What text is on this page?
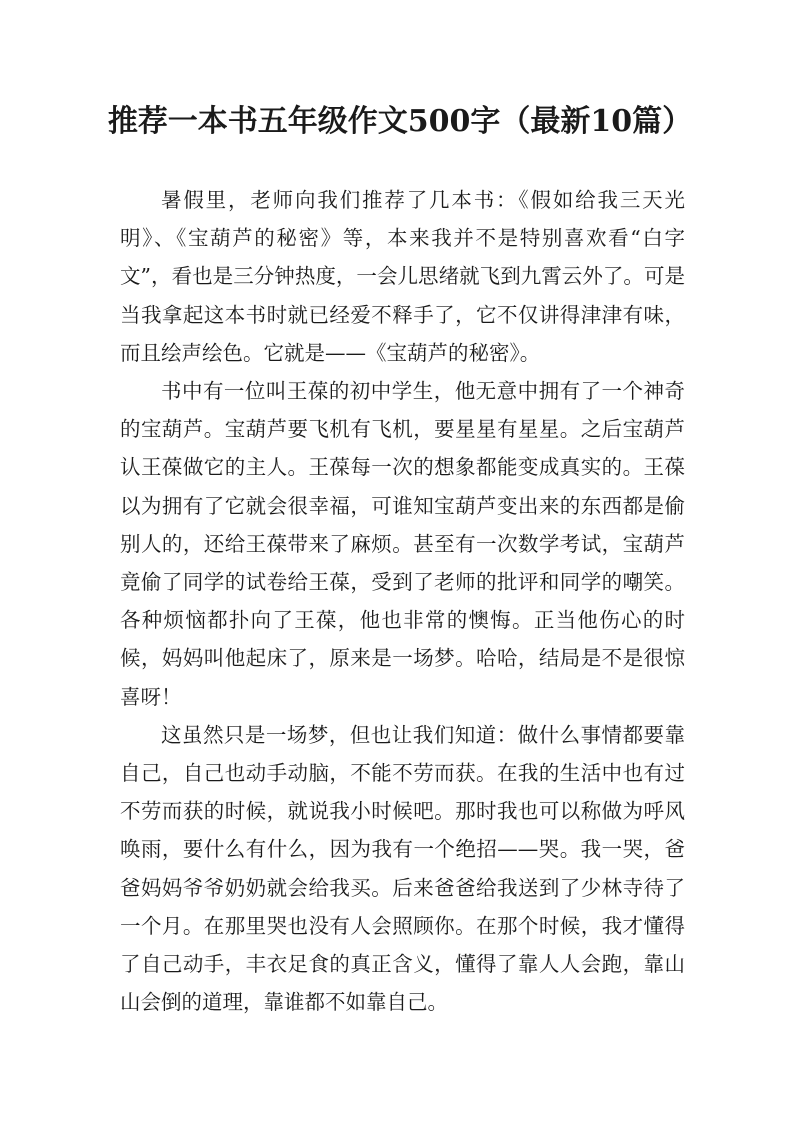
推荐一本书五年级作文500字（最新10篇）

暑假里，老师向我们推荐了几本书：《假如给我三天光明》、《宝葫芦的秘密》等，本来我并不是特别喜欢看“白字文”，看也是三分钟热度，一会儿思绪就飞到九霄云外了。可是当我拿起这本书时就已经爱不释手了，它不仅讲得津津有味，而且绘声绘色。它就是——《宝葫芦的秘密》。

书中有一位叫王葆的初中学生，他无意中拥有了一个神奇的宝葫芦。宝葫芦要飞机有飞机，要星星有星星。之后宝葫芦认王葆做它的主人。王葆每一次的想象都能变成真实的。王葆以为拥有了它就会很幸福，可谁知宝葫芦变出来的东西都是偷别人的，还给王葆带来了麻烦。甚至有一次数学考试，宝葫芦竟偷了同学的试卷给王葆，受到了老师的批评和同学的嘲笑。各种烦恼都扑向了王葆，他也非常的懊悔。正当他伤心的时候，妈妈叫他起床了，原来是一场梦。哈哈，结局是不是很惊喜呀！

这虽然只是一场梦，但也让我们知道：做什么事情都要靠自己，自己也动手动脑，不能不劳而获。在我的生活中也有过不劳而获的时候，就说我小时候吧。那时我也可以称做为呼风唤雨，要什么有什么，因为我有一个绝招——哭。我一哭，爸爸妈妈爷爷奶奶就会给我买。后来爸爸给我送到了少林寺待了一个月。在那里哭也没有人会照顾你。在那个时候，我才懂得了自己动手，丰衣足食的真正含义，懂得了靠人人会跑，靠山山会倒的道理，靠谁都不如靠自己。
